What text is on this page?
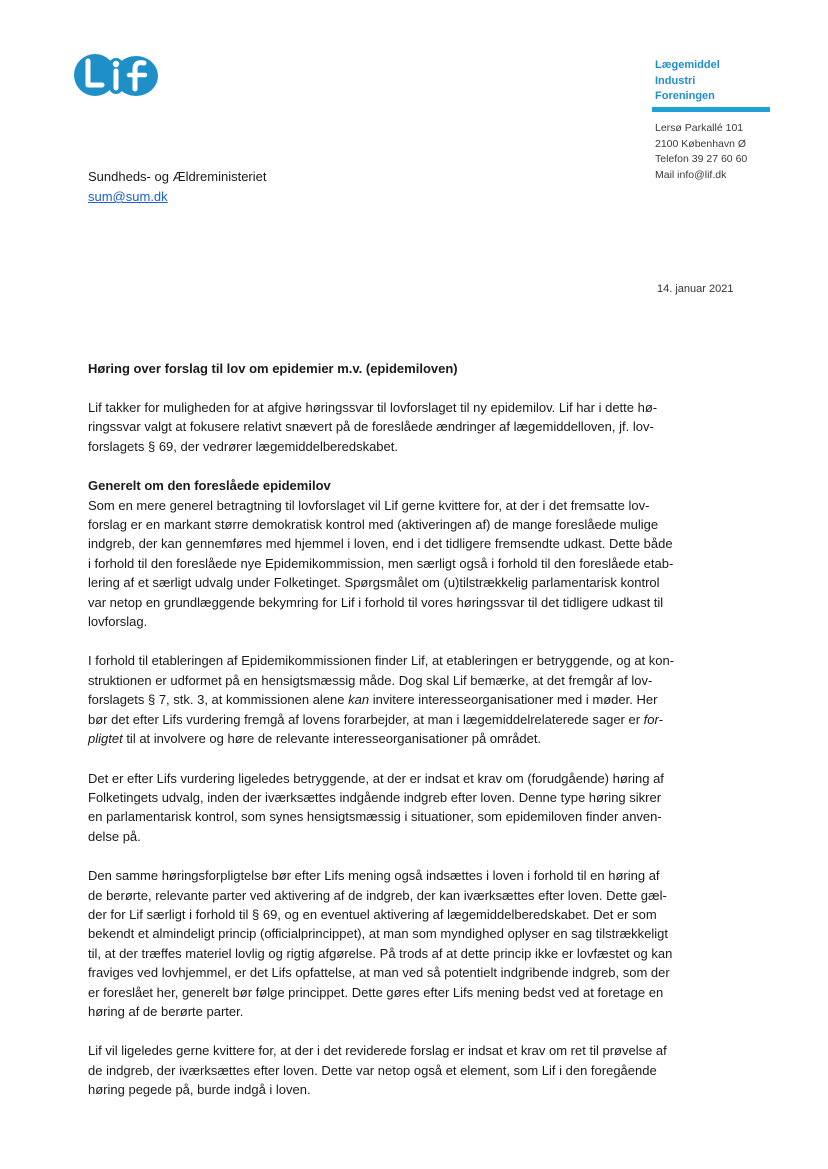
Lægemiddel
Industri
Foreningen
Lersø Parkallé 101
2100 København Ø
Telefon 39 27 60 60
Mail info@lif.dk
Sundheds- og Ældreministeriet
sum@sum.dk
14. januar 2021
Høring over forslag til lov om epidemier m.v. (epidemiloven)

Lif takker for muligheden for at afgive høringssvar til lovforslaget til ny epidemilov. Lif har i dette hø-
ringssvar valgt at fokusere relativt snævert på de foreslåede ændringer af lægemiddelloven, jf. lov-
forslagets § 69, der vedrører lægemiddelberedskabet.

Generelt om den foreslåede epidemilov

Som en mere generel betragtning til lovforslaget vil Lif gerne kvittere for, at der i det fremsatte lov-
forslag er en markant større demokratisk kontrol med (aktiveringen af) de mange foreslåede mulige
indgreb, der kan gennemføres med hjemmel i loven, end i det tidligere fremsendte udkast. Dette både
i forhold til den foreslåede nye Epidemikommission, men særligt også i forhold til den foreslåede etab-
lering af et særligt udvalg under Folketinget. Spørgsmålet om (u)tilstrækkelig parlamentarisk kontrol
var netop en grundlæggende bekymring for Lif i forhold til vores høringssvar til det tidligere udkast til
lovforslag.

I forhold til etableringen af Epidemikommissionen finder Lif, at etableringen er betryggende, og at kon-
struktionen er udformet på en hensigtsmæssig måde. Dog skal Lif bemærke, at det fremgår af lov-
forslagets § 7, stk. 3, at kommissionen alene kan invitere interesseorganisationer med i møder. Her
bør det efter Lifs vurdering fremgå af lovens forarbejder, at man i lægemiddelrelaterede sager er for-
pligtet til at involvere og høre de relevante interesseorganisationer på området.

Det er efter Lifs vurdering ligeledes betryggende, at der er indsat et krav om (forudgående) høring af
Folketingets udvalg, inden der iværksættes indgående indgreb efter loven. Denne type høring sikrer
en parlamentarisk kontrol, som synes hensigtsmæssig i situationer, som epidemiloven finder anven-
delse på.

Den samme høringsforpligtelse bør efter Lifs mening også indsættes i loven i forhold til en høring af
de berørte, relevante parter ved aktivering af de indgreb, der kan iværksættes efter loven. Dette gæl-
der for Lif særligt i forhold til § 69, og en eventuel aktivering af lægemiddelberedskabet. Det er som
bekendt et almindeligt princip (officialprincippet), at man som myndighed oplyser en sag tilstrækkeligt
til, at der træffes materiel lovlig og rigtig afgørelse. På trods af at dette princip ikke er lovfæstet og kan
fraviges ved lovhjemmel, er det Lifs opfattelse, at man ved så potentielt indgribende indgreb, som der
er foreslået her, generelt bør følge princippet. Dette gøres efter Lifs mening bedst ved at foretage en
høring af de berørte parter.

Lif vil ligeledes gerne kvittere for, at der i det reviderede forslag er indsat et krav om ret til prøvelse af
de indgreb, der iværksættes efter loven. Dette var netop også et element, som Lif i den foregående
høring pegede på, burde indgå i loven.
